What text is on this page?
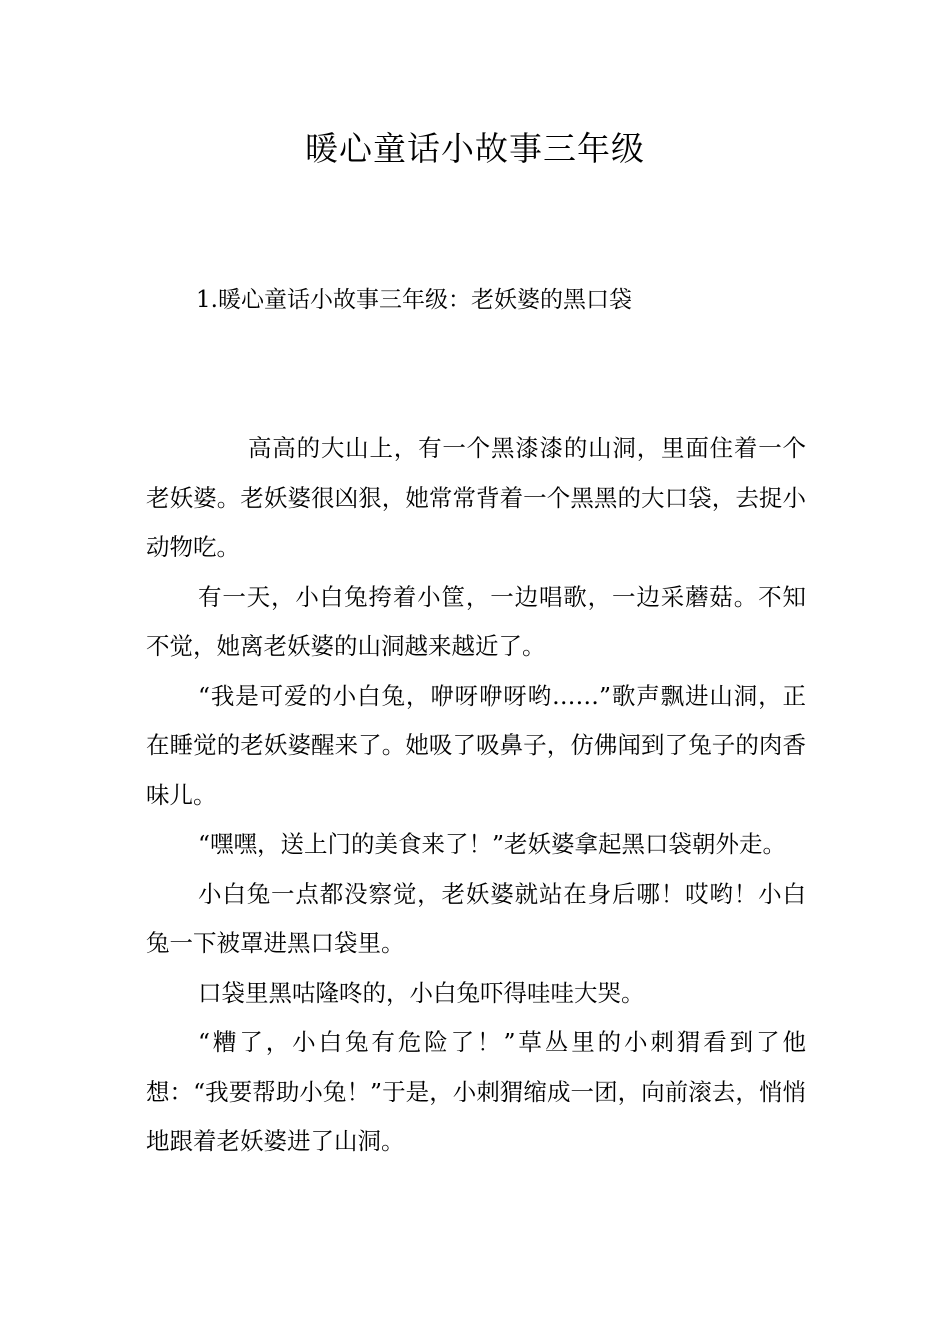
暖心童话小故事三年级

1.暖心童话小故事三年级：老妖婆的黑口袋

高高的大山上，有一个黑漆漆的山洞，里面住着一个老妖婆。老妖婆很凶狠，她常常背着一个黑黑的大口袋，去捉小动物吃。

有一天，小白兔挎着小筐，一边唱歌，一边采蘑菇。不知不觉，她离老妖婆的山洞越来越近了。

“我是可爱的小白兔，咿呀咿呀哟……”歌声飘进山洞，正在睡觉的老妖婆醒来了。她吸了吸鼻子，仿佛闻到了兔子的肉香味儿。

“嘿嘿，送上门的美食来了！”老妖婆拿起黑口袋朝外走。

小白兔一点都没察觉，老妖婆就站在身后哪！哎哟！小白兔一下被罩进黑口袋里。

口袋里黑咕隆咚的，小白兔吓得哇哇大哭。

“糟了，小白兔有危险了！”草丛里的小刺猬看到了他想：“我要帮助小兔！”于是，小刺猬缩成一团，向前滚去，悄悄地跟着老妖婆进了山洞。
